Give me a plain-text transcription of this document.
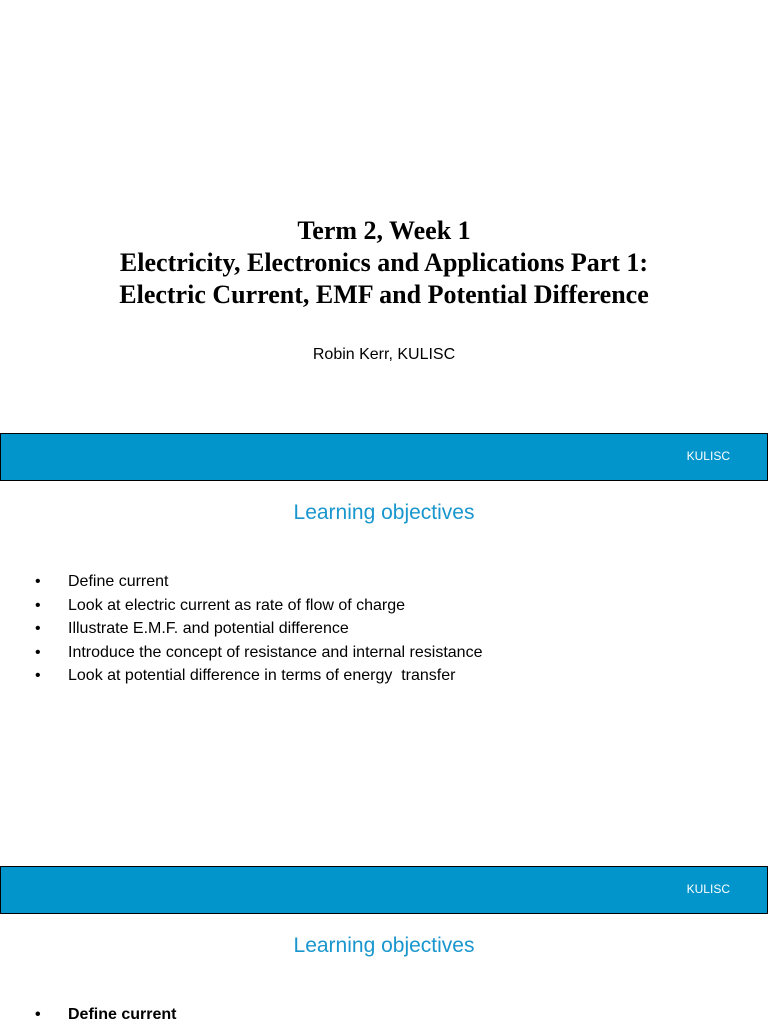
Term 2, Week 1
Electricity, Electronics and Applications Part 1:
Electric Current, EMF and Potential Difference
Robin Kerr, KULISC
KULISC
Learning objectives
• Define current
• Look at electric current as rate of flow of charge
• Illustrate E.M.F. and potential difference
• Introduce the concept of resistance and internal resistance
• Look at potential difference in terms of energy  transfer
KULISC
Learning objectives
• Define current
